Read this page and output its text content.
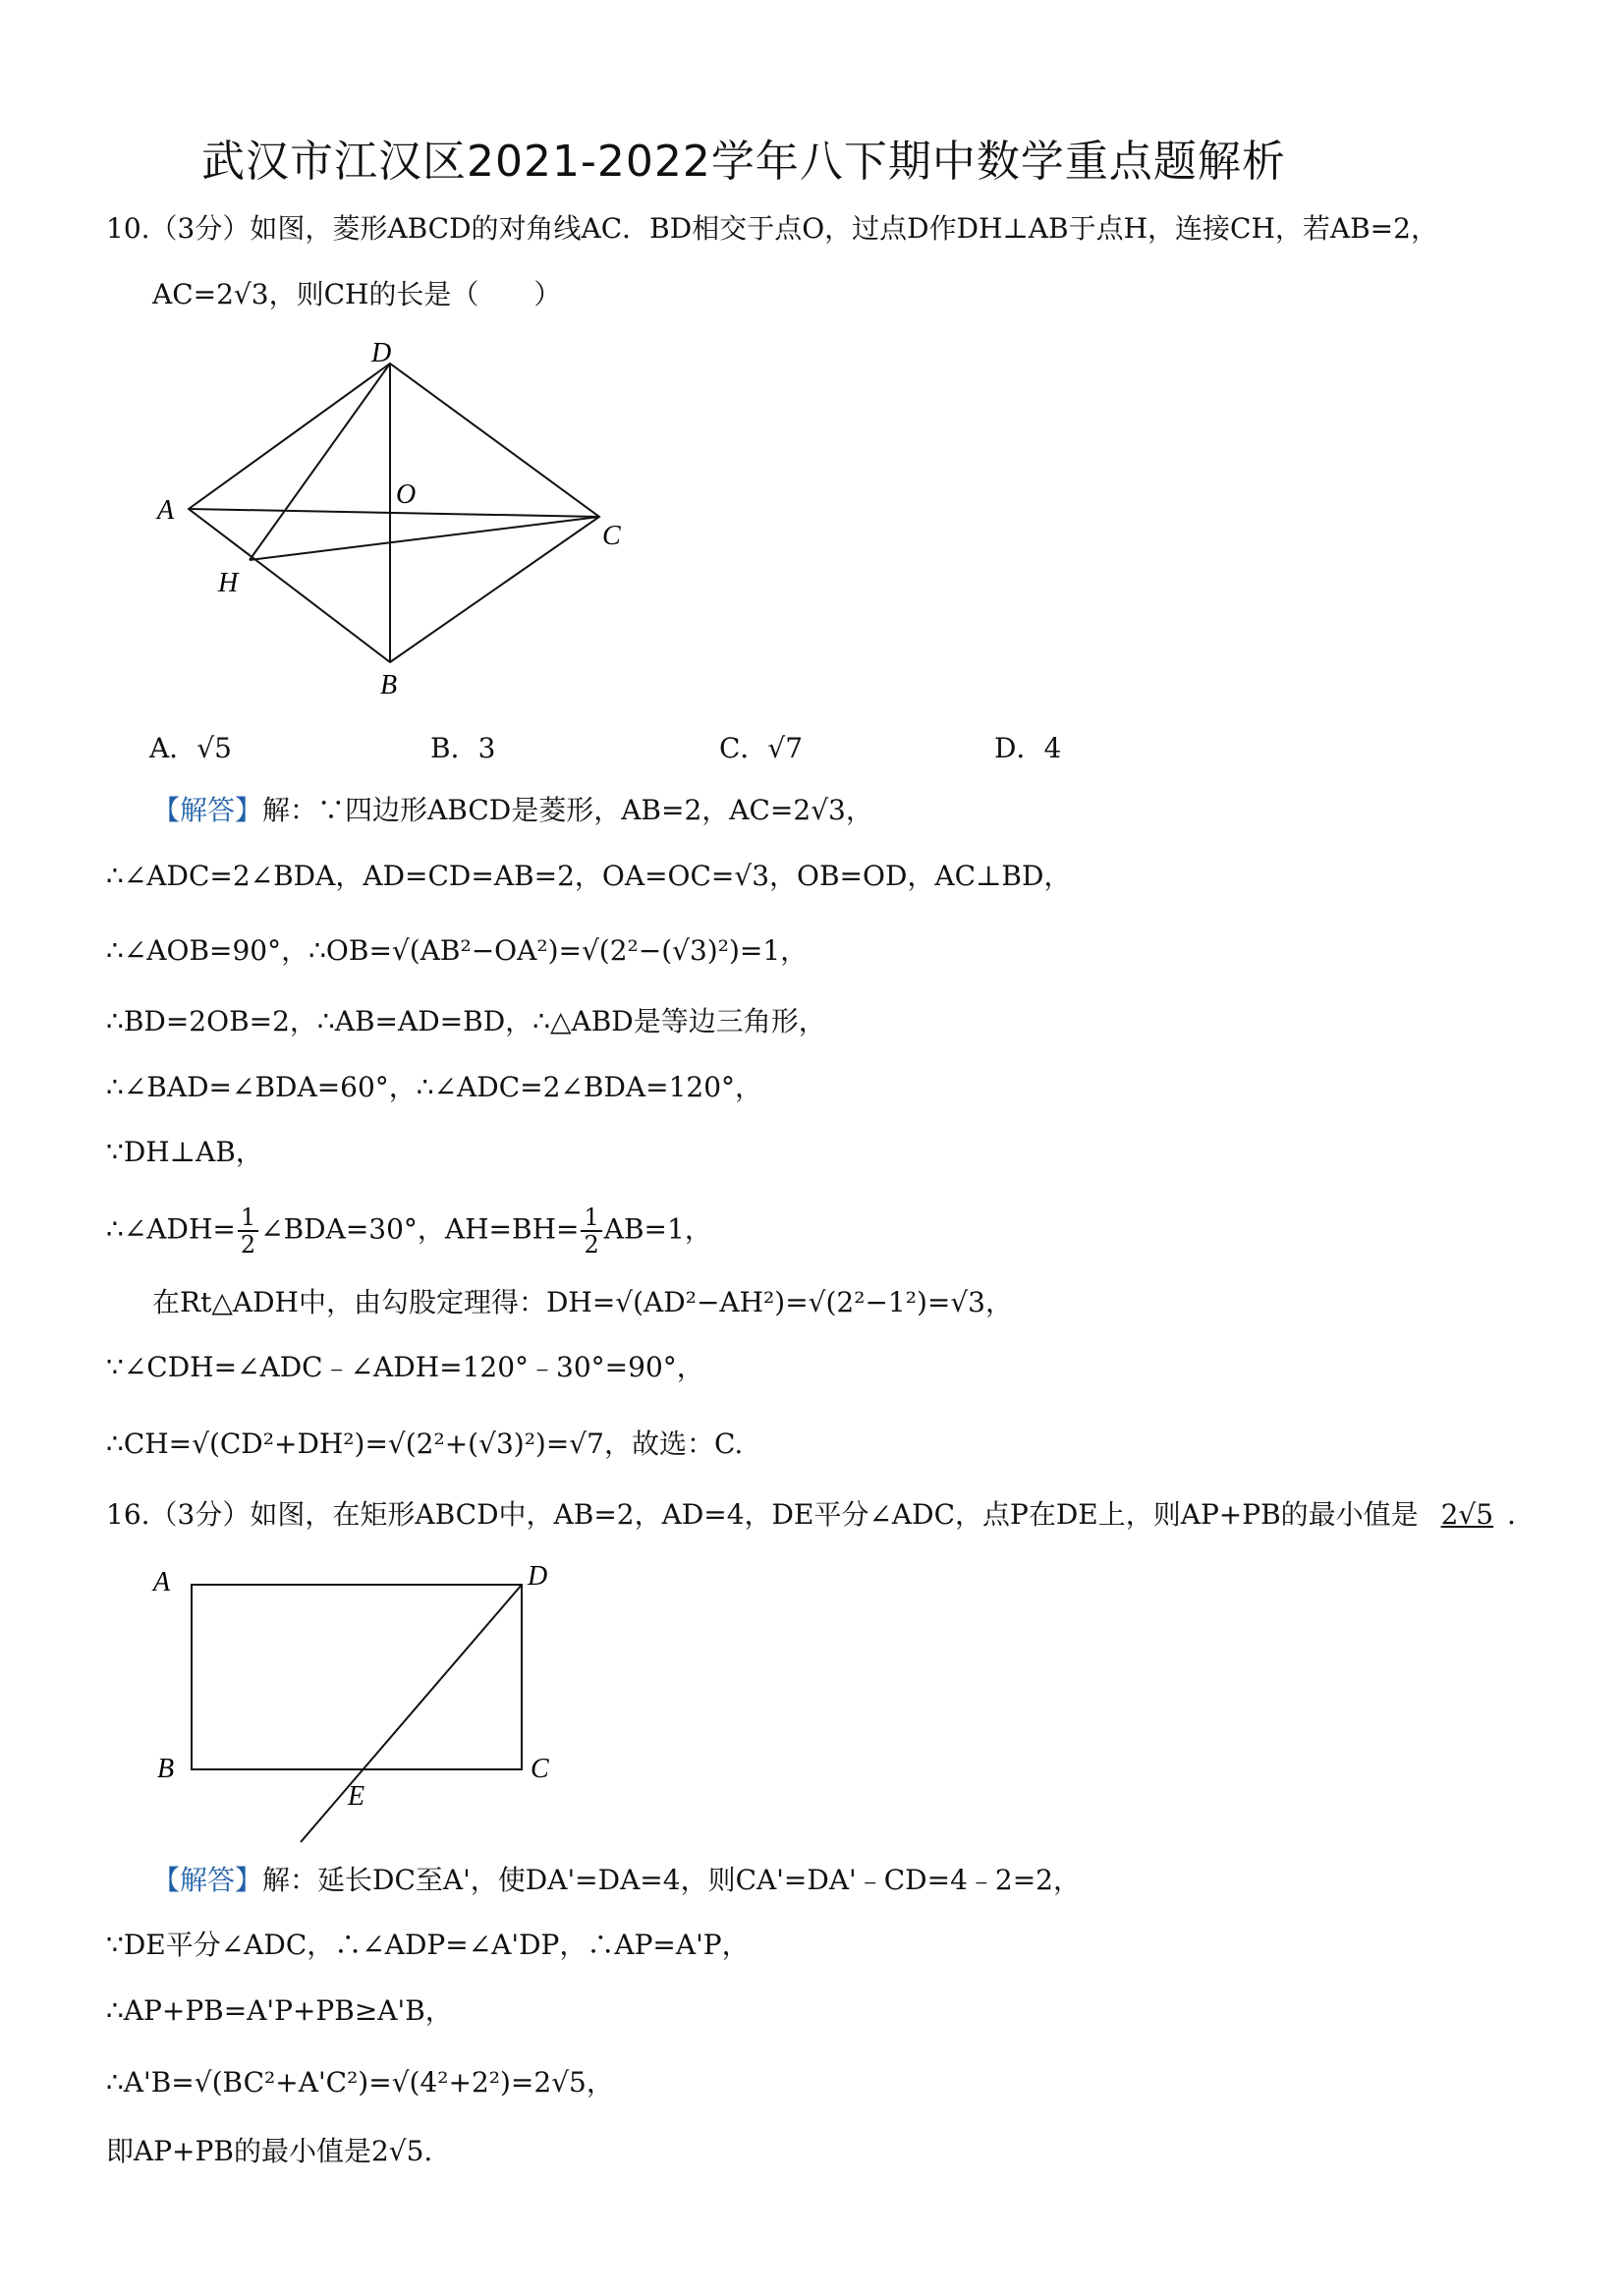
武汉市江汉区2021-2022学年八下期中数学重点题解析
10.（3分）如图，菱形ABCD的对角线AC．BD相交于点O，过点D作DH⊥AB于点H，连接CH，若AB=2，
AC=2√3，则CH的长是（　　）
D
A
O
C
H
B
A．√5	B．3	C．√7	D．4
【解答】解：∵四边形ABCD是菱形，AB=2，AC=2√3，
∴∠ADC=2∠BDA，AD=CD=AB=2，OA=OC=√3，OB=OD，AC⊥BD，
∴∠AOB=90°，∴OB=√(AB²−OA²)=√(2²−(√3)²)=1，
∴BD=2OB=2，∴AB=AD=BD，∴△ABD是等边三角形，
∴∠BAD=∠BDA=60°，∴∠ADC=2∠BDA=120°，
∵DH⊥AB，
∴∠ADH= $\frac{1}{2}$ ∠BDA=30°，$AH=BH= \frac{1}{2} AB=1$，
在Rt△ADH中，由勾股定理得：DH=√(AD²−AH²)=√(2²−1²)=√3，
∵∠CDH=∠ADC﹣∠ADH=120°﹣30°=90°，
∴CH=√(CD²+DH²)=√(2²+(√3)²)=√7，故选：C.
16.（3分）如图，在矩形ABCD中，AB=2，AD=4，DE平分∠ADC，点P在DE上，则AP+PB的最小值是 2√5 ．
A	D
B	C
E
【解答】解：延长DC至A'，使DA'=DA=4，则CA'=DA'﹣CD=4﹣2=2，
∵DE平分∠ADC，∴∠ADP=∠A'DP，∴AP=A'P，
∴AP+PB=A'P+PB≥A'B，
∴A'B=√(BC²+A'C²)=√(4²+2²)=2√5，
即AP+PB的最小值是2√5.
